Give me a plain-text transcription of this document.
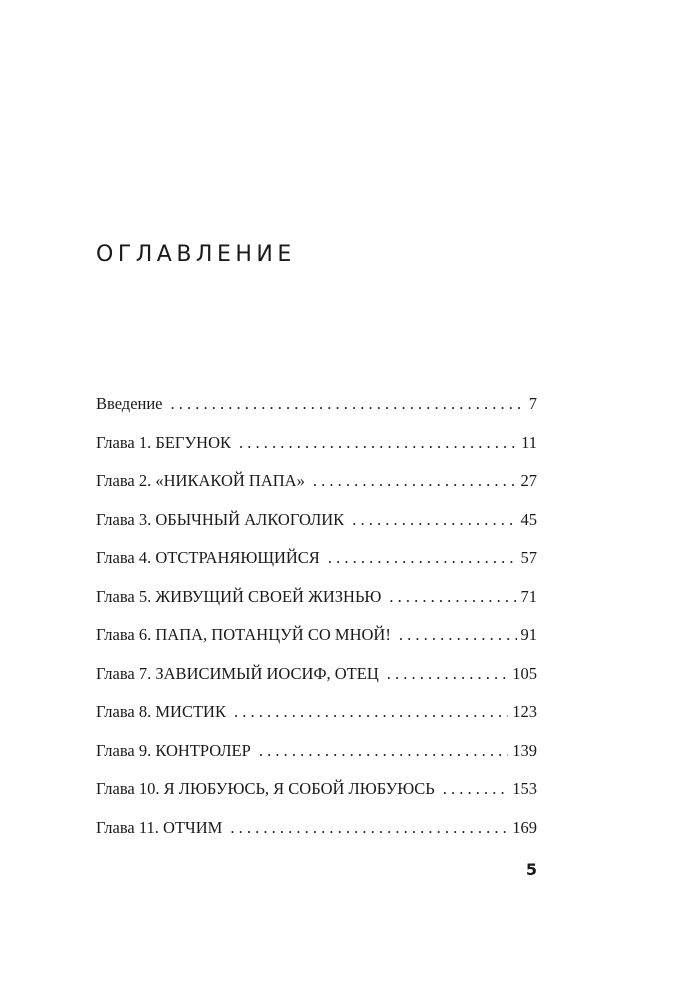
ОГЛАВЛЕНИЕ
Введение . . .	7
Глава 1. БЕГУНОК . . .	11
Глава 2. «НИКАКОЙ ПАПА» . . .	27
Глава 3. ОБЫЧНЫЙ АЛКОГОЛИК . . .	45
Глава 4. ОТСТРАНЯЮЩИЙСЯ . . .	57
Глава 5. ЖИВУЩИЙ СВОЕЙ ЖИЗНЬЮ . . .	71
Глава 6. ПАПА, ПОТАНЦУЙ СО МНОЙ! . . .	91
Глава 7. ЗАВИСИМЫЙ ИОСИФ, ОТЕЦ . . .	105
Глава 8. МИСТИК . . .	123
Глава 9. КОНТРОЛЕР . . .	139
Глава 10. Я ЛЮБУЮСЬ, Я СОБОЙ ЛЮБУЮСЬ . . .	153
Глава 11. ОТЧИМ . . .	169
5
